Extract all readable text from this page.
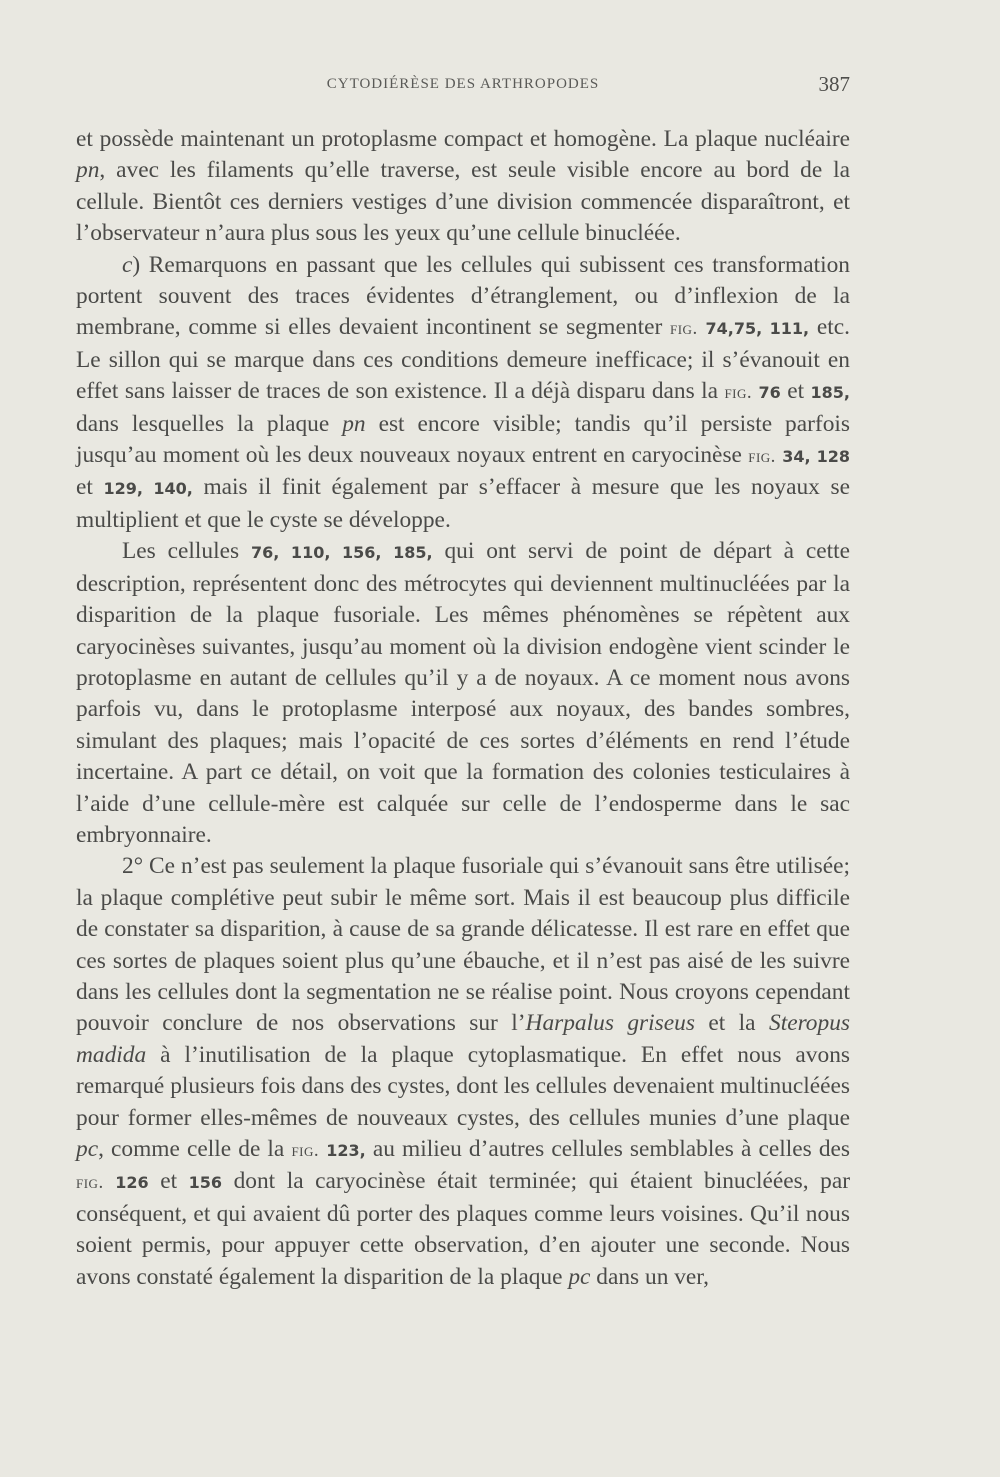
CYTODIÉRÈSE DES ARTHROPODES	387

et possède maintenant un protoplasme compact et homogène. La plaque nucléaire pn, avec les filaments qu’elle traverse, est seule visible encore au bord de la cellule. Bientôt ces derniers vestiges d’une division commencée disparaîtront, et l’observateur n’aura plus sous les yeux qu’une cellule binucléée.

c) Remarquons en passant que les cellules qui subissent ces transformation portent souvent des traces évidentes d’étranglement, ou d’inflexion de la membrane, comme si elles devaient incontinent se segmenter fig. 74,75, 111, etc. Le sillon qui se marque dans ces conditions demeure inefficace; il s’évanouit en effet sans laisser de traces de son existence. Il a déjà disparu dans la fig. 76 et 185, dans lesquelles la plaque pn est encore visible; tandis qu’il persiste parfois jusqu’au moment où les deux nouveaux noyaux entrent en caryocinèse fig. 34, 128 et 129, 140, mais il finit également par s’effacer à mesure que les noyaux se multiplient et que le cyste se développe.

Les cellules 76, 110, 156, 185, qui ont servi de point de départ à cette description, représentent donc des métrocytes qui deviennent multinucléées par la disparition de la plaque fusoriale. Les mêmes phénomènes se répètent aux caryocinèses suivantes, jusqu’au moment où la division endogène vient scinder le protoplasme en autant de cellules qu’il y a de noyaux. A ce moment nous avons parfois vu, dans le protoplasme interposé aux noyaux, des bandes sombres, simulant des plaques; mais l’opacité de ces sortes d’éléments en rend l’étude incertaine. A part ce détail, on voit que la formation des colonies testiculaires à l’aide d’une cellule-mère est calquée sur celle de l’endosperme dans le sac embryonnaire.

2° Ce n’est pas seulement la plaque fusoriale qui s’évanouit sans être utilisée; la plaque complétive peut subir le même sort. Mais il est beaucoup plus difficile de constater sa disparition, à cause de sa grande délicatesse. Il est rare en effet que ces sortes de plaques soient plus qu’une ébauche, et il n’est pas aisé de les suivre dans les cellules dont la segmentation ne se réalise point. Nous croyons cependant pouvoir conclure de nos observations sur l’Harpalus griseus et la Steropus madida à l’inutilisation de la plaque cytoplasmatique. En effet nous avons remarqué plusieurs fois dans des cystes, dont les cellules devenaient multinucléées pour former elles-mêmes de nouveaux cystes, des cellules munies d’une plaque pc, comme celle de la fig. 123, au milieu d’autres cellules semblables à celles des fig. 126 et 156 dont la caryocinèse était terminée; qui étaient binucléées, par conséquent, et qui avaient dû porter des plaques comme leurs voisines. Qu’il nous soient permis, pour appuyer cette observation, d’en ajouter une seconde. Nous avons constaté également la disparition de la plaque pc dans un ver,
